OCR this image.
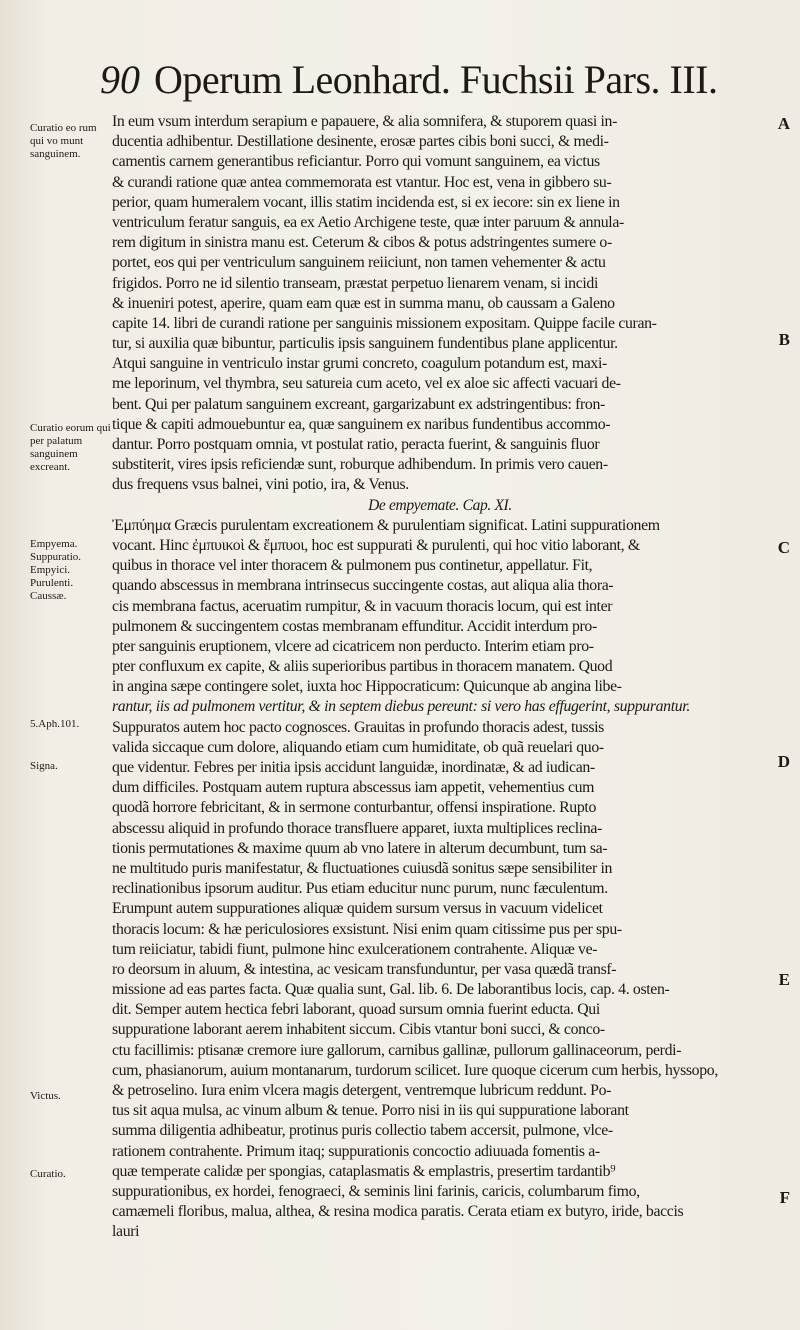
90 Operum Leonhard. Fuchsii Pars. III.
Curatio eo rum qui vo munt sanguinem.
Curatio eorum qui per palatum sanguinem excreant.
Empyema. Suppuratio. Empyici. Purulenti. Caussæ.
5.Aph.101.
Signa.
Victus.
Curatio.
A
B
C
D
E
F
In eum vsum interdum serapium e papauere, & alia somnifera, & stuporem quasi in-
ducentia adhibentur. Destillatione desinente, erosæ partes cibis boni succi, & medi-
camentis carnem generantibus reficiantur. Porro qui vomunt sanguinem, ea victus
& curandi ratione quæ antea commemorata est vtantur. Hoc est, vena in gibbero su-
perior, quam humeralem vocant, illis statim incidenda est, si ex iecore: sin ex liene in
ventriculum feratur sanguis, ea ex Aetio Archigene teste, quæ inter paruum & annula-
rem digitum in sinistra manu est. Ceterum & cibos & potus adstringentes sumere o-
portet, eos qui per ventriculum sanguinem reiiciunt, non tamen vehementer & actu
frigidos. Porro ne id silentio transeam, præstat perpetuo lienarem venam, si incidi
& inueniri potest, aperire, quam eam quæ est in summa manu, ob caussam a Galeno
capite 14. libri de curandi ratione per sanguinis missionem expositam. Quippe facile curan-
tur, si auxilia quæ bibuntur, particulis ipsis sanguinem fundentibus plane applicentur.
Atqui sanguine in ventriculo instar grumi concreto, coagulum potandum est, maxi-
me leporinum, vel thymbra, seu satureia cum aceto, vel ex aloe sic affecti vacuari de-
bent. Qui per palatum sanguinem excreant, gargarizabunt ex adstringentibus: fron-
tique & capiti admouebuntur ea, quæ sanguinem ex naribus fundentibus accommo-
dantur. Porro postquam omnia, vt postulat ratio, peracta fuerint, & sanguinis fluor
substiterit, vires ipsis reficiendæ sunt, roburque adhibendum. In primis vero cauen-
dus frequens vsus balnei, vini potio, ira, & Venus.
De empyemate. Cap. XI.
Ἐμπύημα Græcis purulentam excreationem & purulentiam significat. Latini suppurationem
vocant. Hinc ἐμπυικοὶ & ἔμπυοι, hoc est suppurati & purulenti, qui hoc vitio laborant, &
quibus in thorace vel inter thoracem & pulmonem pus continetur, appellatur. Fit,
quando abscessus in membrana intrinsecus succingente costas, aut aliqua alia thora-
cis membrana factus, aceruatim rumpitur, & in vacuum thoracis locum, qui est inter
pulmonem & succingentem costas membranam effunditur. Accidit interdum pro-
pter sanguinis eruptionem, vlcere ad cicatricem non perducto. Interim etiam pro-
pter confluxum ex capite, & aliis superioribus partibus in thoracem manatem. Quod
in angina sæpe contingere solet, iuxta hoc Hippocraticum: Quicunque ab angina libe-
rantur, iis ad pulmonem vertitur, & in septem diebus pereunt: si vero has effugerint, suppurantur.
Suppuratos autem hoc pacto cognosces. Grauitas in profundo thoracis adest, tussis
valida siccaque cum dolore, aliquando etiam cum humiditate, ob quã reuelari quo-
que videntur. Febres per initia ipsis accidunt languidæ, inordinatæ, & ad iudican-
dum difficiles. Postquam autem ruptura abscessus iam appetit, vehementius cum
quodã horrore febricitant, & in sermone conturbantur, offensi inspiratione. Rupto
abscessu aliquid in profundo thorace transfluere apparet, iuxta multiplices reclina-
tionis permutationes & maxime quum ab vno latere in alterum decumbunt, tum sa-
ne multitudo puris manifestatur, & fluctuationes cuiusdã sonitus sæpe sensibiliter in
reclinationibus ipsorum auditur. Pus etiam educitur nunc purum, nunc fæculentum.
Erumpunt autem suppurationes aliquæ quidem sursum versus in vacuum videlicet
thoracis locum: & hæ periculosiores exsistunt. Nisi enim quam citissime pus per spu-
tum reiiciatur, tabidi fiunt, pulmone hinc exulcerationem contrahente. Aliquæ ve-
ro deorsum in aluum, & intestina, ac vesicam transfunduntur, per vasa quædã transf-
missione ad eas partes facta. Quæ qualia sunt, Gal. lib. 6. De laborantibus locis, cap. 4. osten-
dit. Semper autem hectica febri laborant, quoad sursum omnia fuerint educta. Qui
suppuratione laborant aerem inhabitent siccum. Cibis vtantur boni succi, & conco-
ctu facillimis: ptisanæ cremore iure gallorum, carnibus gallinæ, pullorum gallinaceorum, perdi-
cum, phasianorum, auium montanarum, turdorum scilicet. Iure quoque cicerum cum herbis, hyssopo,
& petroselino. Iura enim vlcera magis detergent, ventremque lubricum reddunt. Po-
tus sit aqua mulsa, ac vinum album & tenue. Porro nisi in iis qui suppuratione laborant
summa diligentia adhibeatur, protinus puris collectio tabem accersit, pulmone, vlce-
rationem contrahente. Primum itaq; suppurationis concoctio adiuuada fomentis a-
quæ temperate calidæ per spongias, cataplasmatis & emplastris, presertim tardantib⁹
suppurationibus, ex hordei, fenograeci, & seminis lini farinis, caricis, columbarum fimo,
camæmeli floribus, malua, althea, & resina modica paratis. Cerata etiam ex butyro, iride, baccis
lauri
